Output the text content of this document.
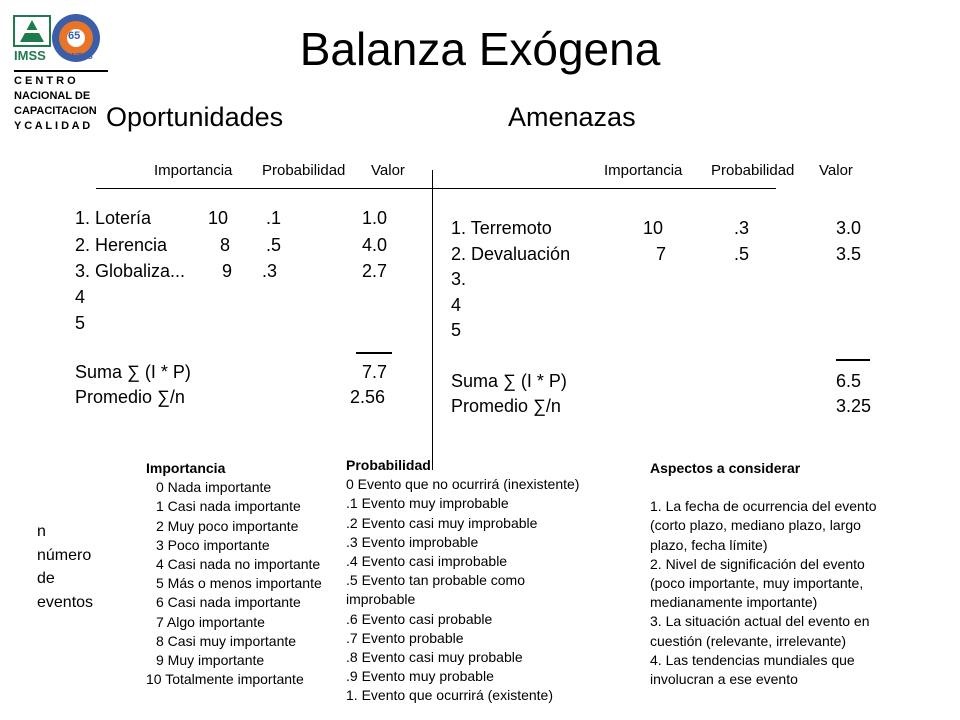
IMSS	SNTSS
65
C E N T R O
NACIONAL DE
CAPACITACION
Y C A L I D A D
Balanza Exógena
Oportunidades	Amenazas
Importancia Probabilidad Valor	Importancia Probabilidad Valor
1. Lotería	10 .1	1.0
2. Herencia	8 .5	4.0
3. Globaliza... 9 .3	2.7
4
5
Suma ∑ (I * P)	7.7
Promedio ∑/n	2.56
1. Terremoto	10	.3	3.0
2. Devaluación	7	.5	3.5
3.
4
5
Suma ∑ (I * P)	6.5
Promedio ∑/n	3.25
n
número
de
eventos
Importancia
0 Nada importante
1 Casi nada importante
2 Muy poco importante
3 Poco importante
4 Casi nada no importante
5 Más o menos importante
6 Casi nada importante
7 Algo importante
8 Casi muy importante
9 Muy importante
10 Totalmente importante
Probabilidad
0 Evento que no ocurrirá (inexistente)
.1 Evento muy improbable
.2 Evento casi muy improbable
.3 Evento improbable
.4 Evento casi improbable
.5 Evento tan probable como
improbable
.6 Evento casi probable
.7 Evento probable
.8 Evento casi muy probable
.9 Evento muy probable
1. Evento que ocurrirá (existente)
Aspectos a considerar
1. La fecha de ocurrencia del evento
(corto plazo, mediano plazo, largo
plazo, fecha límite)
2. Nivel de significación del evento
(poco importante, muy importante,
medianamente importante)
3. La situación actual del evento en
cuestión (relevante, irrelevante)
4. Las tendencias mundiales que
involucran a ese evento
